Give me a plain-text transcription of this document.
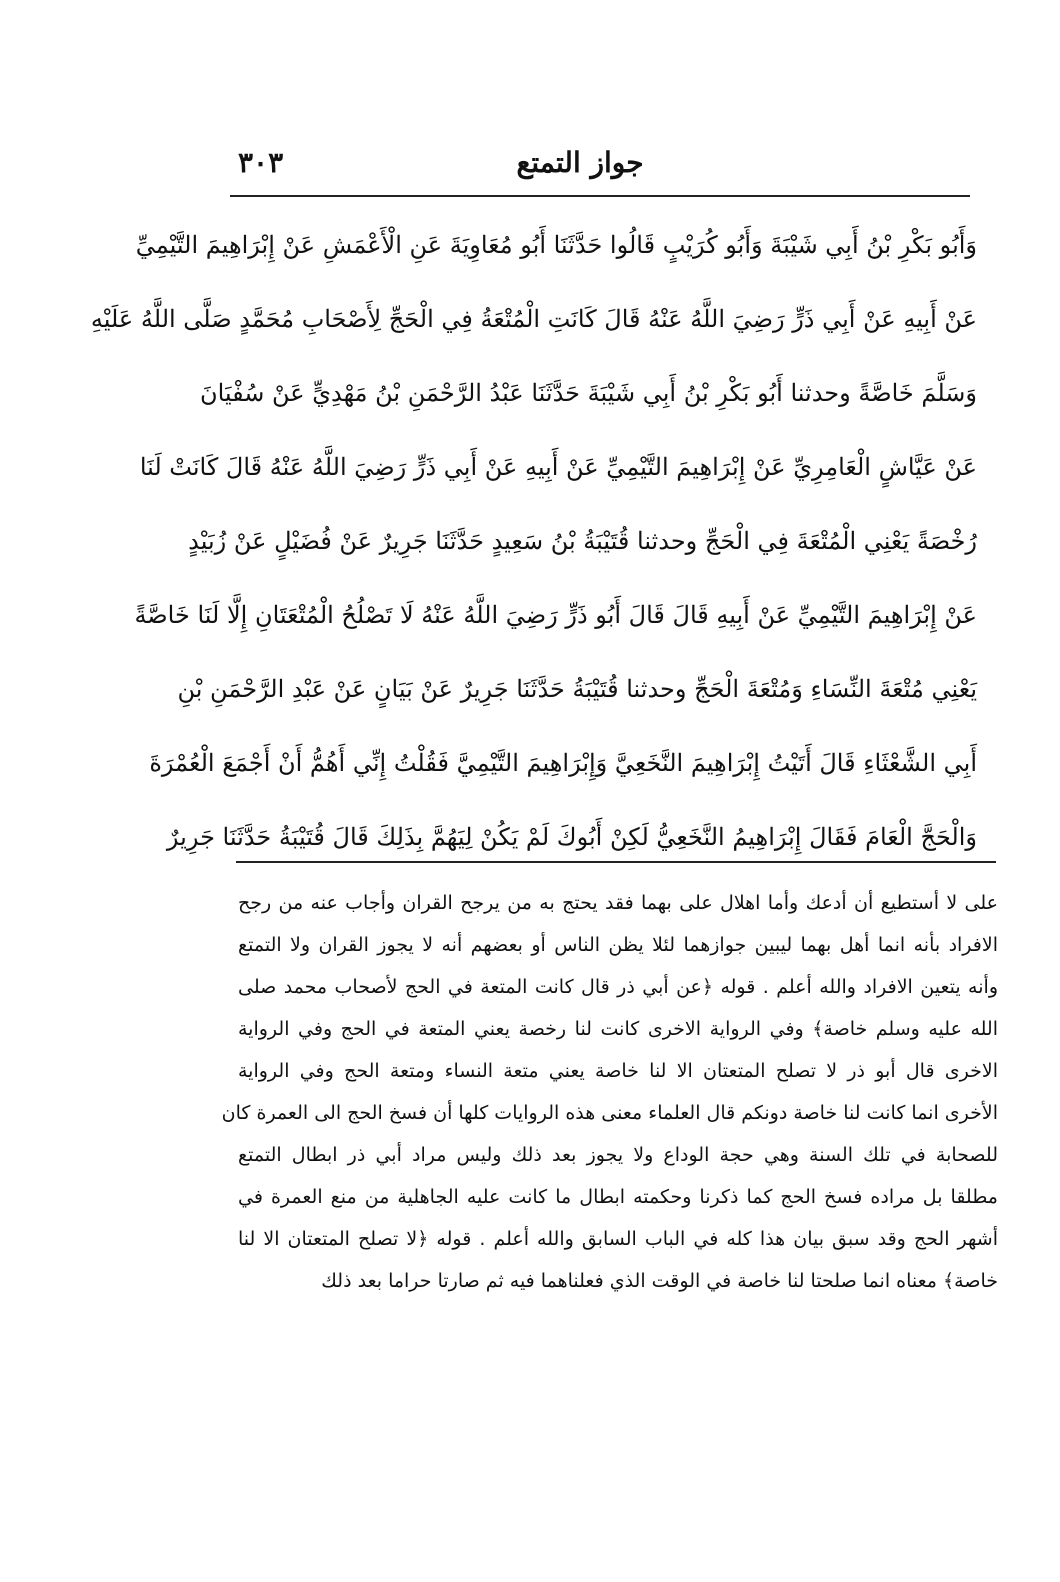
جواز التمتع
٣٠٣
وَأَبُو بَكْرِ بْنُ أَبِي شَيْبَةَ وَأَبُو كُرَيْبٍ قَالُوا حَدَّثَنَا أَبُو مُعَاوِيَةَ عَنِ الْأَعْمَشِ عَنْ إِبْرَاهِيمَ التَّيْمِيِّ
عَنْ أَبِيهِ عَنْ أَبِي ذَرٍّ رَضِيَ اللَّهُ عَنْهُ قَالَ كَانَتِ الْمُتْعَةُ فِي الْحَجِّ لِأَصْحَابِ مُحَمَّدٍ صَلَّى اللَّهُ عَلَيْهِ
وَسَلَّمَ خَاصَّةً وحدثنا أَبُو بَكْرِ بْنُ أَبِي شَيْبَةَ حَدَّثَنَا عَبْدُ الرَّحْمَنِ بْنُ مَهْدِيٍّ عَنْ سُفْيَانَ
عَنْ عَيَّاشٍ الْعَامِرِيِّ عَنْ إِبْرَاهِيمَ التَّيْمِيِّ عَنْ أَبِيهِ عَنْ أَبِي ذَرٍّ رَضِيَ اللَّهُ عَنْهُ قَالَ كَانَتْ لَنَا
رُخْصَةً يَعْنِي الْمُتْعَةَ فِي الْحَجِّ وحدثنا قُتَيْبَةُ بْنُ سَعِيدٍ حَدَّثَنَا جَرِيرٌ عَنْ فُضَيْلٍ عَنْ زُبَيْدٍ
عَنْ إِبْرَاهِيمَ التَّيْمِيِّ عَنْ أَبِيهِ قَالَ قَالَ أَبُو ذَرٍّ رَضِيَ اللَّهُ عَنْهُ لَا تَصْلُحُ الْمُتْعَتَانِ إِلَّا لَنَا خَاصَّةً
يَعْنِي مُتْعَةَ النِّسَاءِ وَمُتْعَةَ الْحَجِّ وحدثنا قُتَيْبَةُ حَدَّثَنَا جَرِيرٌ عَنْ بَيَانٍ عَنْ عَبْدِ الرَّحْمَنِ بْنِ
أَبِي الشَّعْثَاءِ قَالَ أَتَيْتُ إِبْرَاهِيمَ النَّخَعِيَّ وَإِبْرَاهِيمَ التَّيْمِيَّ فَقُلْتُ إِنِّي أَهُمُّ أَنْ أَجْمَعَ الْعُمْرَةَ
وَالْحَجَّ الْعَامَ فَقَالَ إِبْرَاهِيمُ النَّخَعِيُّ لَكِنْ أَبُوكَ لَمْ يَكُنْ لِيَهُمَّ بِذَلِكَ قَالَ قُتَيْبَةُ حَدَّثَنَا جَرِيرٌ
على لا أستطيع أن أدعك وأما اهلال على بهما فقد يحتج به من يرجح القران وأجاب عنه من رجح
الافراد بأنه انما أهل بهما ليبين جوازهما لئلا يظن الناس أو بعضهم أنه لا يجوز القران ولا التمتع
وأنه يتعين الافراد والله أعلم . قوله ﴿عن أبي ذر قال كانت المتعة في الحج لأصحاب محمد صلى
الله عليه وسلم خاصة﴾ وفي الرواية الاخرى كانت لنا رخصة يعني المتعة في الحج وفي الرواية
الاخرى قال أبو ذر لا تصلح المتعتان الا لنا خاصة يعني متعة النساء ومتعة الحج وفي الرواية
الأخرى انما كانت لنا خاصة دونكم قال العلماء معنى هذه الروايات كلها أن فسخ الحج الى العمرة كان
للصحابة في تلك السنة وهي حجة الوداع ولا يجوز بعد ذلك وليس مراد أبي ذر ابطال التمتع
مطلقا بل مراده فسخ الحج كما ذكرنا وحكمته ابطال ما كانت عليه الجاهلية من منع العمرة في
أشهر الحج وقد سبق بيان هذا كله في الباب السابق والله أعلم . قوله ﴿لا تصلح المتعتان الا لنا
خاصة﴾ معناه انما صلحتا لنا خاصة في الوقت الذي فعلناهما فيه ثم صارتا حراما بعد ذلك
